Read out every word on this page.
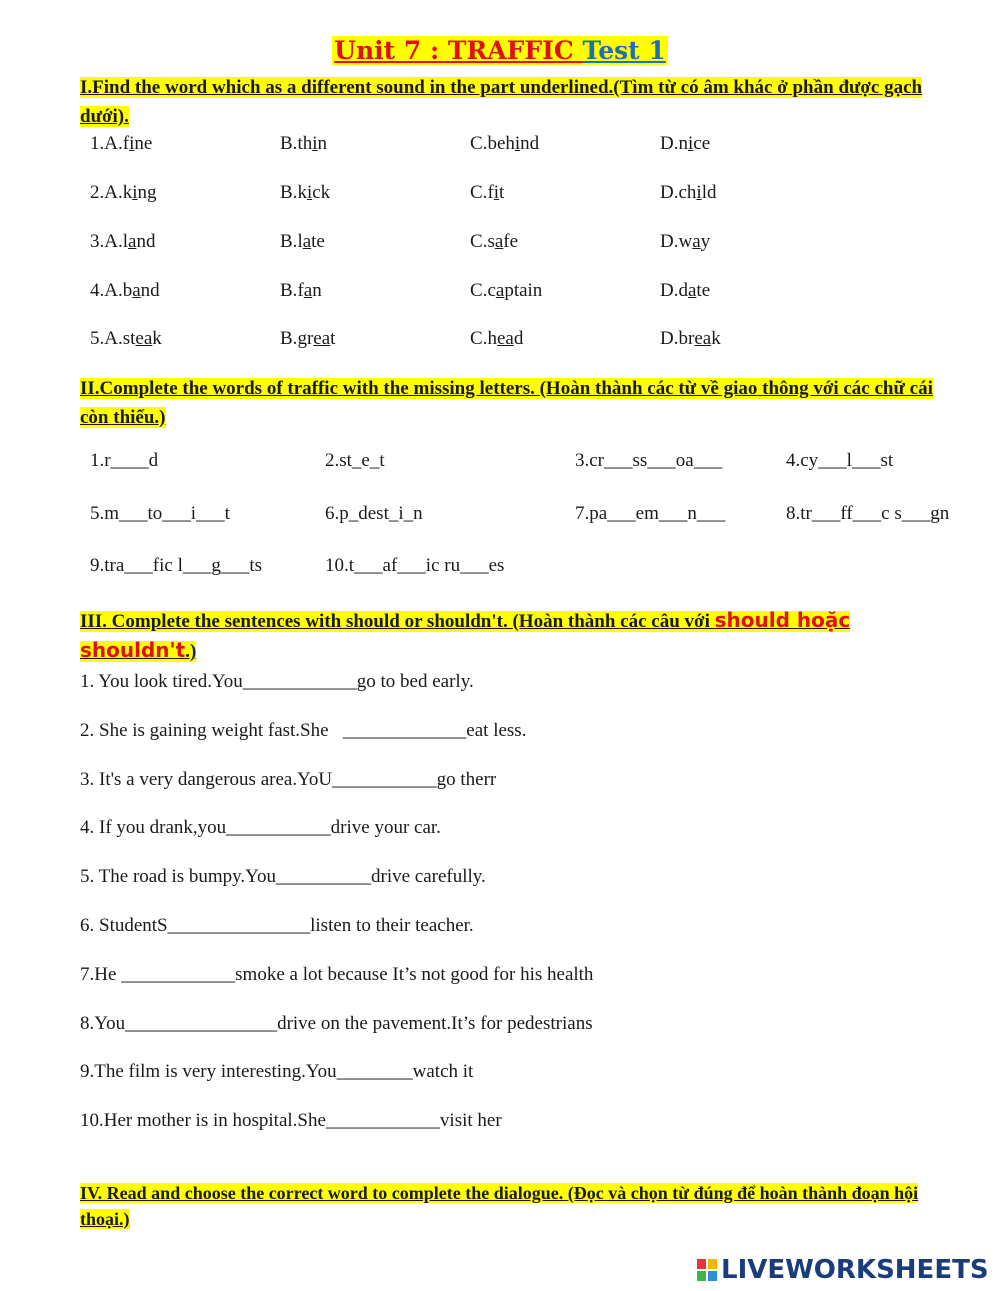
Unit 7 : TRAFFIC Test 1
I.Find the word which as a different sound in the part underlined.(Tìm từ có âm khác ở phần được gạch dưới).
1.A.fine	B.thin	C.behind	D.nice
2.A.king	B.kick	C.fit	D.child
3.A.land	B.late	C.safe	D.way
4.A.band	B.fan	C.captain	D.date
5.A.steak	B.great	C.head	D.break
II.Complete the words of traffic with the missing letters. (Hoàn thành các từ về giao thông với các chữ cái còn thiếu.)
1.r____d	2.st_e_t	3.cr___ss___oa___	4.cy___l___st
5.m___to___i___t	6.p_dest_i_n	7.pa___em___n___	8.tr___ff___c s___gn
9.tra___fic l___g___ts	10.t___af___ic ru___es
III. Complete the sentences with should or shouldn't. (Hoàn thành các câu với should hoặc shouldn't.)
1. You look tired.You____________go to bed early.
2. She is gaining weight fast.She   _____________eat less.
3. It's a very dangerous area.YoU___________go therr
4. If you drank,you___________drive your car.
5. The road is bumpy.You__________drive carefully.
6. StudentS_______________listen to their teacher.
7.He ____________smoke a lot because It’s not good for his health
8.You________________drive on the pavement.It’s for pedestrians
9.The film is very interesting.You________watch it
10.Her mother is in hospital.She____________visit her
IV. Read and choose the correct word to complete the dialogue. (Đọc và chọn từ đúng để hoàn thành đoạn hội thoại.)
LIVEWORKSHEETS
